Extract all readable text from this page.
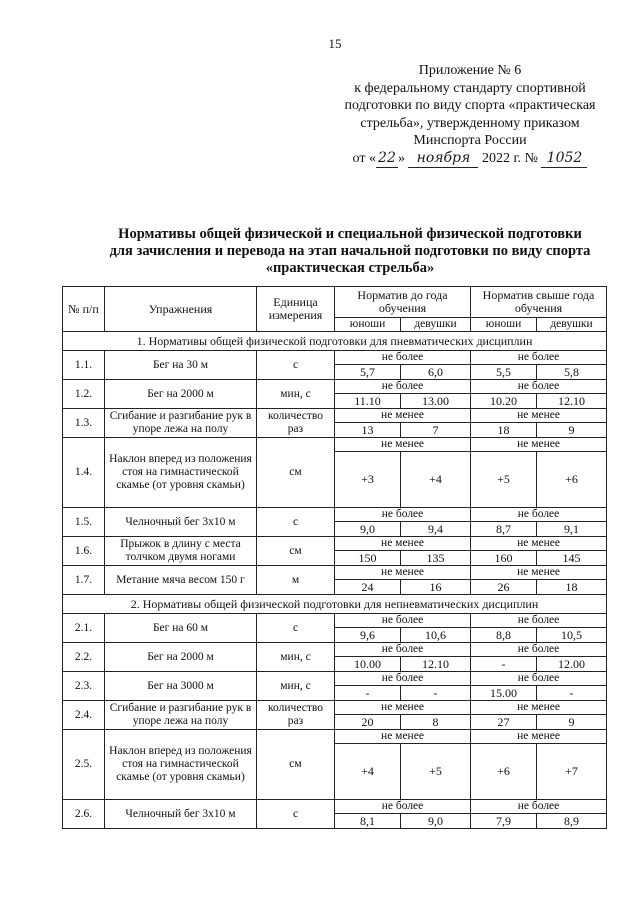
15
Приложение № 6
к федеральному стандарту спортивной
подготовки по виду спорта «практическая
стрельба», утвержденному приказом
Минспорта России
от « 22 » ноября 2022 г. № 1052
Нормативы общей физической и специальной физической подготовки
для зачисления и перевода на этап начальной подготовки по виду спорта
«практическая стрельба»
№ п/п	Упражнения	Единица измерения	Норматив до года обучения		Норматив свыше года обучения	
			юноши	девушки	юноши	девушки
1. Нормативы общей физической подготовки для пневматических дисциплин						
1.1.	Бег на 30 м	с	не более		не более	
			5,7	6,0	5,5	5,8
1.2.	Бег на 2000 м	мин, с	не более		не более	
			11.10	13.00	10.20	12.10
1.3.	Сгибание и разгибание рук в упоре лежа на полу	количество раз	не менее		не менее	
			13	7	18	9
1.4.	Наклон вперед из положения стоя на гимнастической скамье (от уровня скамьи)	см	не менее		не менее	
			+3	+4	+5	+6
1.5.	Челночный бег 3х10 м	с	не более		не более	
			9,0	9,4	8,7	9,1
1.6.	Прыжок в длину с места толчком двумя ногами	см	не менее		не менее	
			150	135	160	145
1.7.	Метание мяча весом 150 г	м	не менее		не менее	
			24	16	26	18
2. Нормативы общей физической подготовки для непневматических дисциплин						
2.1.	Бег на 60 м	с	не более		не более	
			9,6	10,6	8,8	10,5
2.2.	Бег на 2000 м	мин, с	не более		не более	
			10.00	12.10	-	12.00
2.3.	Бег на 3000 м	мин, с	не более		не более	
			-	-	15.00	-
2.4.	Сгибание и разгибание рук в упоре лежа на полу	количество раз	не менее		не менее	
			20	8	27	9
2.5.	Наклон вперед из положения стоя на гимнастической скамье (от уровня скамьи)	см	не менее		не менее	
			+4	+5	+6	+7
2.6.	Челночный бег 3х10 м	с	не более		не более	
			8,1	9,0	7,9	8,9
